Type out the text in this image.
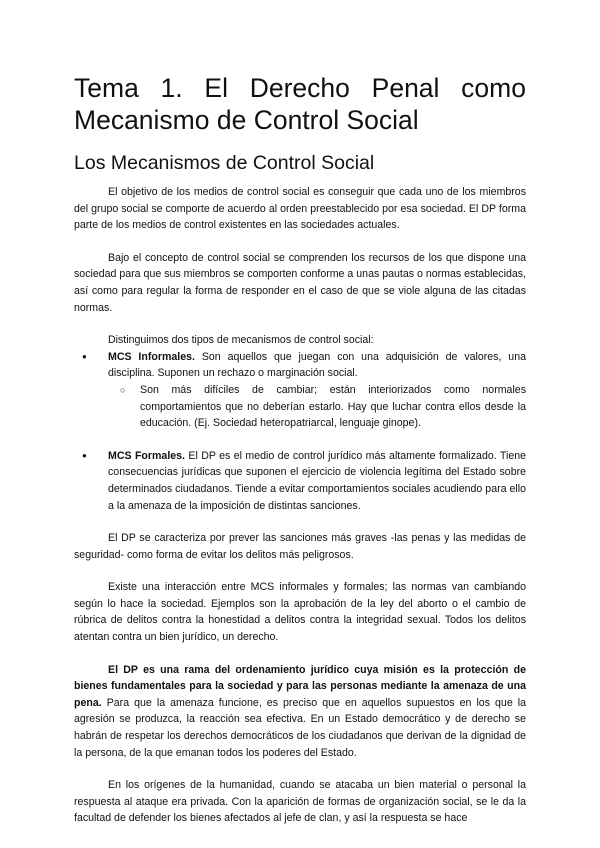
Tema 1. El Derecho Penal como Mecanismo de Control Social
Los Mecanismos de Control Social

El objetivo de los medios de control social es conseguir que cada uno de los miembros del grupo social se comporte de acuerdo al orden preestablecido por esa sociedad. El DP forma parte de los medios de control existentes en las sociedades actuales.

Bajo el concepto de control social se comprenden los recursos de los que dispone una sociedad para que sus miembros se comporten conforme a unas pautas o normas establecidas, así como para regular la forma de responder en el caso de que se viole alguna de las citadas normas.

Distinguimos dos tipos de mecanismos de control social:

● MCS Informales. Son aquellos que juegan con una adquisición de valores, una disciplina. Suponen un rechazo o marginación social.
○ Son más difíciles de cambiar; están interiorizados como normales comportamientos que no deberían estarlo. Hay que luchar contra ellos desde la educación. (Ej. Sociedad heteropatriarcal, lenguaje ginope).
● MCS Formales. El DP es el medio de control jurídico más altamente formalizado. Tiene consecuencias jurídicas que suponen el ejercicio de violencia legítima del Estado sobre determinados ciudadanos. Tiende a evitar comportamientos sociales acudiendo para ello a la amenaza de la imposición de distintas sanciones.

El DP se caracteriza por prever las sanciones más graves -las penas y las medidas de seguridad- como forma de evitar los delitos más peligrosos.

Existe una interacción entre MCS informales y formales; las normas van cambiando según lo hace la sociedad. Ejemplos son la aprobación de la ley del aborto o el cambio de rúbrica de delitos contra la honestidad a delitos contra la integridad sexual. Todos los delitos atentan contra un bien jurídico, un derecho.

El DP es una rama del ordenamiento jurídico cuya misión es la protección de bienes fundamentales para la sociedad y para las personas mediante la amenaza de una pena. Para que la amenaza funcione, es preciso que en aquellos supuestos en los que la agresión se produzca, la reacción sea efectiva. En un Estado democrático y de derecho se habrán de respetar los derechos democráticos de los ciudadanos que derivan de la dignidad de la persona, de la que emanan todos los poderes del Estado.

En los orígenes de la humanidad, cuando se atacaba un bien material o personal la respuesta al ataque era privada. Con la aparición de formas de organización social, se le da la facultad de defender los bienes afectados al jefe de clan, y así la respuesta se hace
